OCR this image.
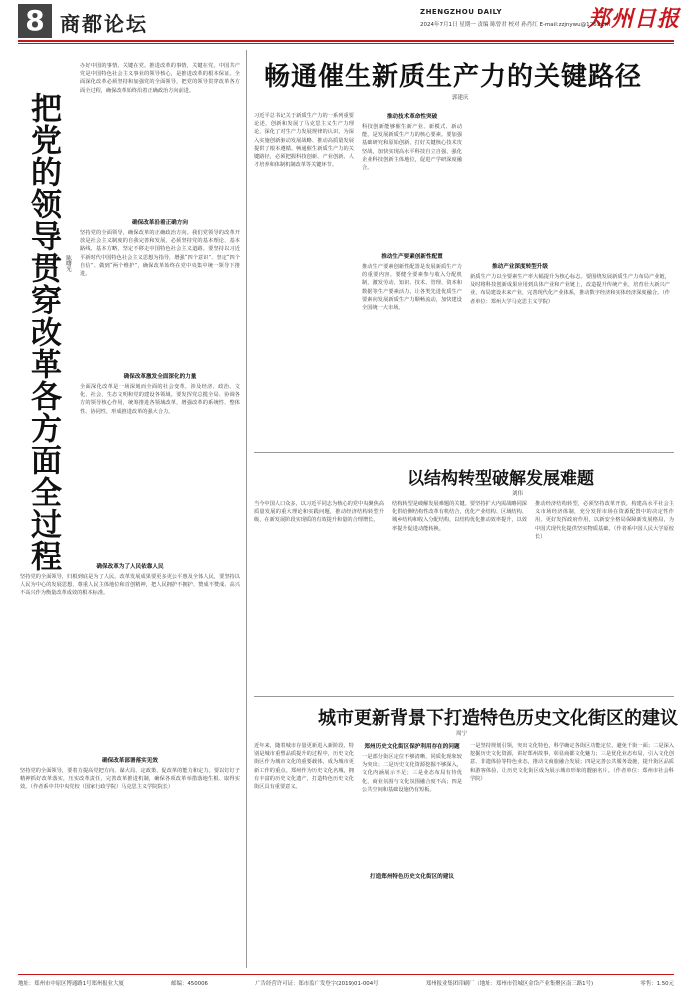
8 商都论坛	ZHENGZHOU DAILY	郑州日报
2024年7月1日 星期一 责编 陈曾君 校对 孙肖红 E-mail:zzjnywu@126.com
把党的领导贯穿改革各方面全过程 陈曙光
办好中国的事情，关键在党。推进改革的事情，关键在党。中国共产党是中国特色社会主义事业的领导核心，是推进改革的根本保证。全面深化改革必须坚持和加强党的全面领导，把党的领导贯穿改革各方面全过程，确保改革始终沿着正确政治方向前进。
确保改革沿着正确方向
坚持党的全面领导，确保改革的正确政治方向。我们党领导的改革开放是社会主义制度的自我完善和发展，必须坚持党的基本理论、基本路线、基本方略，坚定不移走中国特色社会主义道路。要坚持以习近平新时代中国特色社会主义思想为指导，增强“四个意识”、坚定“四个自信”、做到“两个维护”，确保改革始终在党中央集中统一领导下推进。
确保改革激发全面深化的力量
全面深化改革是一场深刻而全面的社会变革，涉及经济、政治、文化、社会、生态文明和党的建设各领域。要发挥党总揽全局、协调各方的领导核心作用，统筹推进各领域改革，增强改革的系统性、整体性、协同性，形成推进改革的强大合力。
确保改革为了人民依靠人民
坚持党的全面领导，归根到底是为了人民。改革发展成果要更多更公平惠及全体人民，要坚持以人民为中心的发展思想，尊重人民主体地位和首创精神，把人民拥护不拥护、赞成不赞成、高兴不高兴作为衡量改革成效的根本标准。
确保改革部署落实见效
坚持党的全面领导，要着力提高党把方向、谋大局、定政策、促改革的能力和定力。要以钉钉子精神抓好改革落实，压实改革责任，完善改革推进机制，确保各项改革举措落地生根、取得实效。（作者系中共中央党校（国家行政学院）马克思主义学院院长）
畅通催生新质生产力的关键路径
郭建庆
习近平总书记关于新质生产力的一系列重要论述，创新和发展了马克思主义生产力理论，深化了对生产力发展规律的认识，为深入实施创新驱动发展战略、推动高质量发展提供了根本遵循。畅通催生新质生产力的关键路径，必须把握科技创新、产业创新、人才培养和体制机制改革等关键环节。
推动技术革命性突破
科技创新能够催生新产业、新模式、新动能，是发展新质生产力的核心要素。要加强基础研究和原始创新，打好关键核心技术攻坚战，加快实现高水平科技自立自强，强化企业科技创新主体地位，促进产学研深度融合。
推动生产要素创新性配置
推动生产要素创新性配置是发展新质生产力的重要内容。要健全要素参与收入分配机制，激发劳动、知识、技术、管理、资本和数据等生产要素活力，让各类先进优质生产要素向发展新质生产力顺畅流动，加快建设全国统一大市场。
推动产业深度转型升级
新质生产力以全要素生产率大幅提升为核心标志。要围绕发展新质生产力布局产业链，及时将科技创新成果应用到具体产业和产业链上，改造提升传统产业，培育壮大新兴产业，布局建设未来产业，完善现代化产业体系，推动数字经济和实体经济深度融合。（作者单位：郑州大学马克思主义学院）
以结构转型破解发展难题
刘伟
当今中国人口众多，以习近平同志为核心的党中央聚焦高质量发展的重大理论和实践问题，推动经济结构转型升级，在新发展阶段实现质的有效提升和量的合理增长。
结构转型是破解发展难题的关键。要坚持扩大内需战略同深化供给侧结构性改革有机结合，优化产业结构、区域结构、城乡结构和收入分配结构，以结构优化推动效率提升，以效率提升促进动能转换。
推动经济结构转型，必须坚持改革开放，构建高水平社会主义市场经济体制，充分发挥市场在资源配置中的决定性作用，更好发挥政府作用，以新安全格局保障新发展格局，为中国式现代化提供坚实物质基础。（作者系中国人民大学原校长）
城市更新背景下打造特色历史文化街区的建议
周宁
近年来，随着城市存量更新进入新阶段，特别是城市重塑品质提升的过程中，历史文化街区作为城市文化的重要载体，成为城市更新工作的重点。郑州作为历史文化名城，拥有丰富的历史文化遗产，打造特色历史文化街区具有重要意义。
郑州历史文化街区保护利用存在的问题
一是部分街区定位不够清晰，同质化现象较为突出；二是历史文化资源挖掘不够深入，文化内涵展示不足；三是业态布局有待优化，商业氛围与文化氛围融合度不高；四是公共空间和基础设施仍有短板。
打造郑州特色历史文化街区的建议
一是坚持规划引领，突出文化特色，科学确定各街区功能定位，避免千街一面；二是深入挖掘历史文化资源，讲好郑州故事，彰显商都文化魅力；三是优化业态布局，引入文化创意、非遗体验等特色业态，推动文商旅融合发展；四是完善公共服务设施，提升街区品质和游客体验，让历史文化街区成为展示城市形象的靓丽名片。（作者单位：郑州市社会科学院）
地址：郑州市中原区博通路1号郑州报业大厦	邮编：450006	广告经营许可证：郑市监广发登字(2019)01-004号	郑州报业集团印刷厂（地址：郑州市管城区金岱产业集聚区南三路1号)	零售：1.50元
